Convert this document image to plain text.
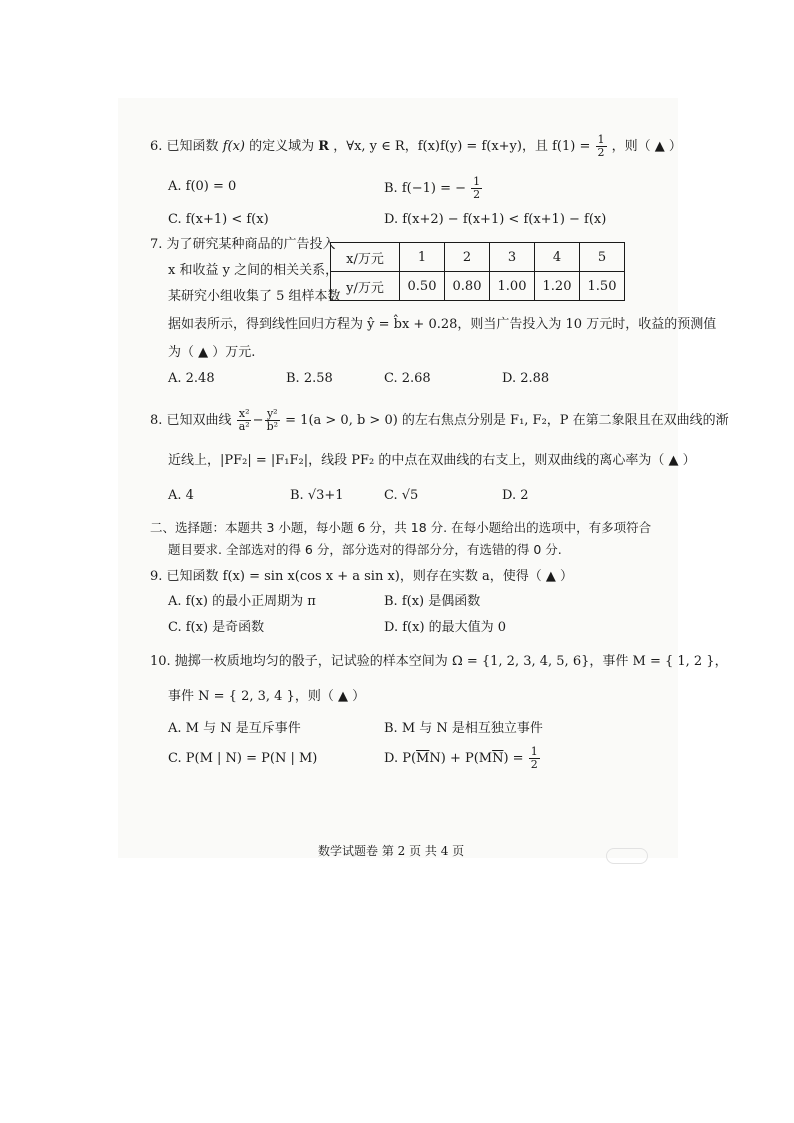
6. 已知函数 f(x) 的定义域为 R ，∀x, y ∈ R，f(x)f(y) = f(x+y)，且 $f(1) = \frac{1}{2}$ ，则（ ▲ ）
A. f(0) = 0	B. f(−1) = − $\frac{1}{2}$
C. f(x+1) < f(x)	D. f(x+2) − f(x+1) < f(x+1) − f(x)
7. 为了研究某种商品的广告投入
x 和收益 y 之间的相关关系，
某研究小组收集了 5 组样本数
x/万元	1	2	3	4	5
y/万元	0.50	0.80	1.00	1.20	1.50
据如表所示，得到线性回归方程为 ŷ = b̂x + 0.28，则当广告投入为 10 万元时，收益的预测值
为（ ▲ ）万元.
A. 2.48	B. 2.58	C. 2.68	D. 2.88
8. 已知双曲线 $\frac{\text{x²}}{\text{a²}} - \frac{\text{y²}}{\text{b²}} = 1(a > 0$, b > 0) 的左右焦点分别是 F₁, F₂，P 在第二象限且在双曲线的渐
近线上，|PF₂| = |F₁F₂|，线段 PF₂ 的中点在双曲线的右支上，则双曲线的离心率为（ ▲ ）
A. 4	B. √3+1	C. √5	D. 2
二、选择题：本题共 3 小题，每小题 6 分，共 18 分. 在每小题给出的选项中，有多项符合
题目要求. 全部选对的得 6 分，部分选对的得部分分，有选错的得 0 分.
9. 已知函数 f(x) = sin x(cos x + a sin x)，则存在实数 a，使得（ ▲ ）
A. f(x) 的最小正周期为 π	B. f(x) 是偶函数
C. f(x) 是奇函数	D. f(x) 的最大值为 0
10. 抛掷一枚质地均匀的骰子，记试验的样本空间为 Ω = {1, 2, 3, 4, 5, 6}，事件 M = { 1, 2 }，
事件 N = { 2, 3, 4 }，则（ ▲ ）
A. M 与 N 是互斥事件	B. M 与 N 是相互独立事件
C. P(M | N) = P(N | M)	D. $P(\overline{M}N) + P(M\overline{N}) = \frac{1}{2}$
数学试题卷 第 2 页 共 4 页
